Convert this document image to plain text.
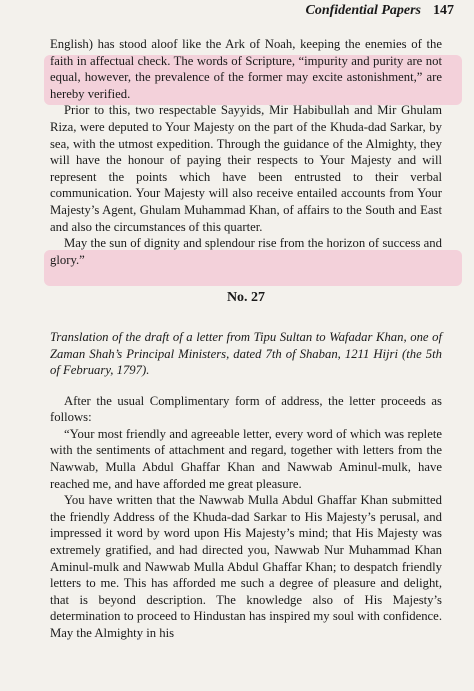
Confidential Papers 147

English) has stood aloof like the Ark of Noah, keeping the enemies of the faith in affectual check. The words of Scripture, “impurity and purity are not equal, however, the prevalence of the former may excite astonishment,” are hereby verified.

Prior to this, two respectable Sayyids, Mir Habibullah and Mir Ghulam Riza, were deputed to Your Majesty on the part of the Khuda-dad Sarkar, by sea, with the utmost expedition. Through the guidance of the Almighty, they will have the honour of paying their respects to Your Majesty and will represent the points which have been entrusted to their verbal communication. Your Majesty will also receive entailed accounts from Your Majesty’s Agent, Ghulam Muhammad Khan, of affairs to the South and East and also the circumstances of this quarter.

May the sun of dignity and splendour rise from the horizon of success and glory.”

No. 27

Translation of the draft of a letter from Tipu Sultan to Wafadar Khan, one of Zaman Shah’s Principal Ministers, dated 7th of Shaban, 1211 Hijri (the 5th of February, 1797).

After the usual Complimentary form of address, the letter proceeds as follows:

“Your most friendly and agreeable letter, every word of which was replete with the sentiments of attachment and regard, together with letters from the Nawwab, Mulla Abdul Ghaffar Khan and Nawwab Aminul-mulk, have reached me, and have afforded me great pleasure.

You have written that the Nawwab Mulla Abdul Ghaffar Khan submitted the friendly Address of the Khuda-dad Sarkar to His Majesty’s perusal, and impressed it word by word upon His Majesty’s mind; that His Majesty was extremely gratified, and had directed you, Nawwab Nur Muhammad Khan Aminul-mulk and Nawwab Mulla Abdul Ghaffar Khan; to despatch friendly letters to me. This has afforded me such a degree of pleasure and delight, that is beyond description. The knowledge also of His Majesty’s determination to proceed to Hindustan has inspired my soul with confidence. May the Almighty in his
